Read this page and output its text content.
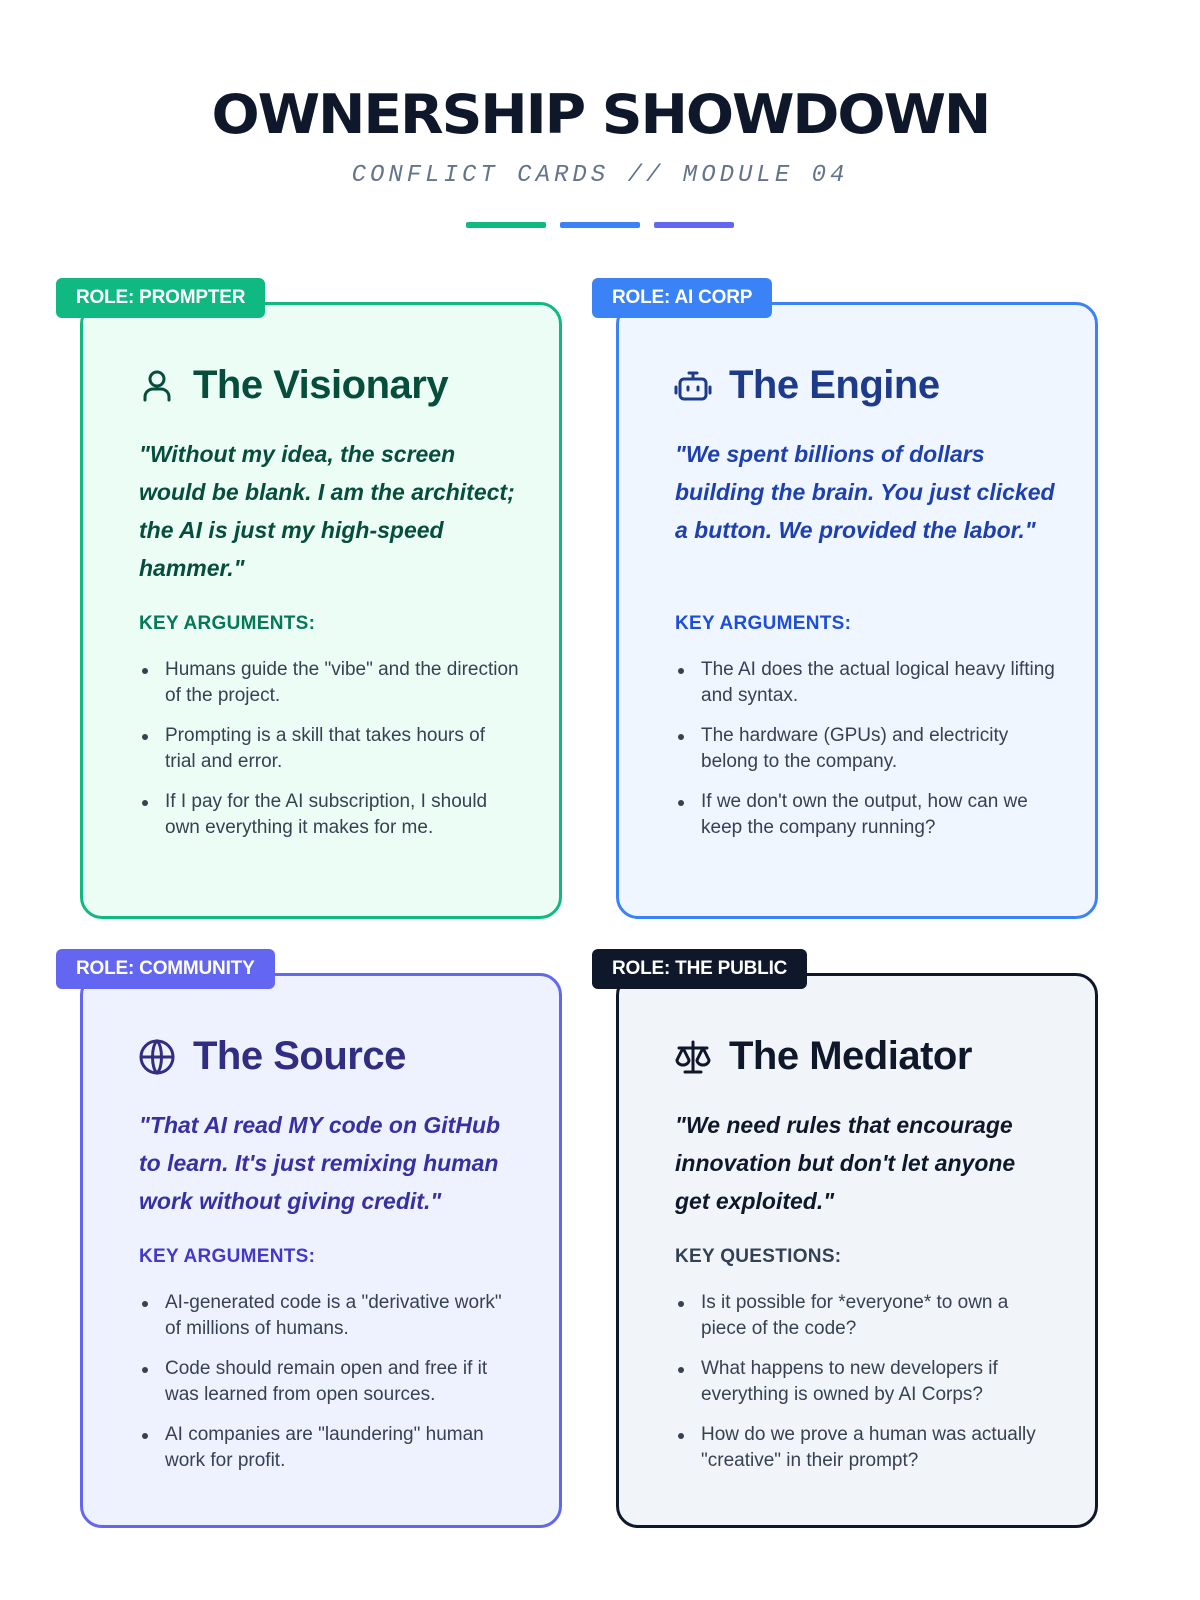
OWNERSHIP SHOWDOWN
CONFLICT CARDS // MODULE 04
The Visionary
"Without my idea, the screen would be blank. I am the architect; the AI is just my high-speed hammer."
KEY ARGUMENTS:
Humans guide the "vibe" and the direction of the project.
Prompting is a skill that takes hours of trial and error.
If I pay for the AI subscription, I should own everything it makes for me.
ROLE: PROMPTER
The Engine
"We spent billions of dollars building the brain. You just clicked a button. We provided the labor."
KEY ARGUMENTS:
The AI does the actual logical heavy lifting and syntax.
The hardware (GPUs) and electricity belong to the company.
If we don't own the output, how can we keep the company running?
ROLE: AI CORP
The Source
"That AI read MY code on GitHub to learn. It's just remixing human work without giving credit."
KEY ARGUMENTS:
AI-generated code is a "derivative work" of millions of humans.
Code should remain open and free if it was learned from open sources.
AI companies are "laundering" human work for profit.
ROLE: COMMUNITY
The Mediator
"We need rules that encourage innovation but don't let anyone get exploited."
KEY QUESTIONS:
Is it possible for *everyone* to own a piece of the code?
What happens to new developers if everything is owned by AI Corps?
How do we prove a human was actually "creative" in their prompt?
ROLE: THE PUBLIC
